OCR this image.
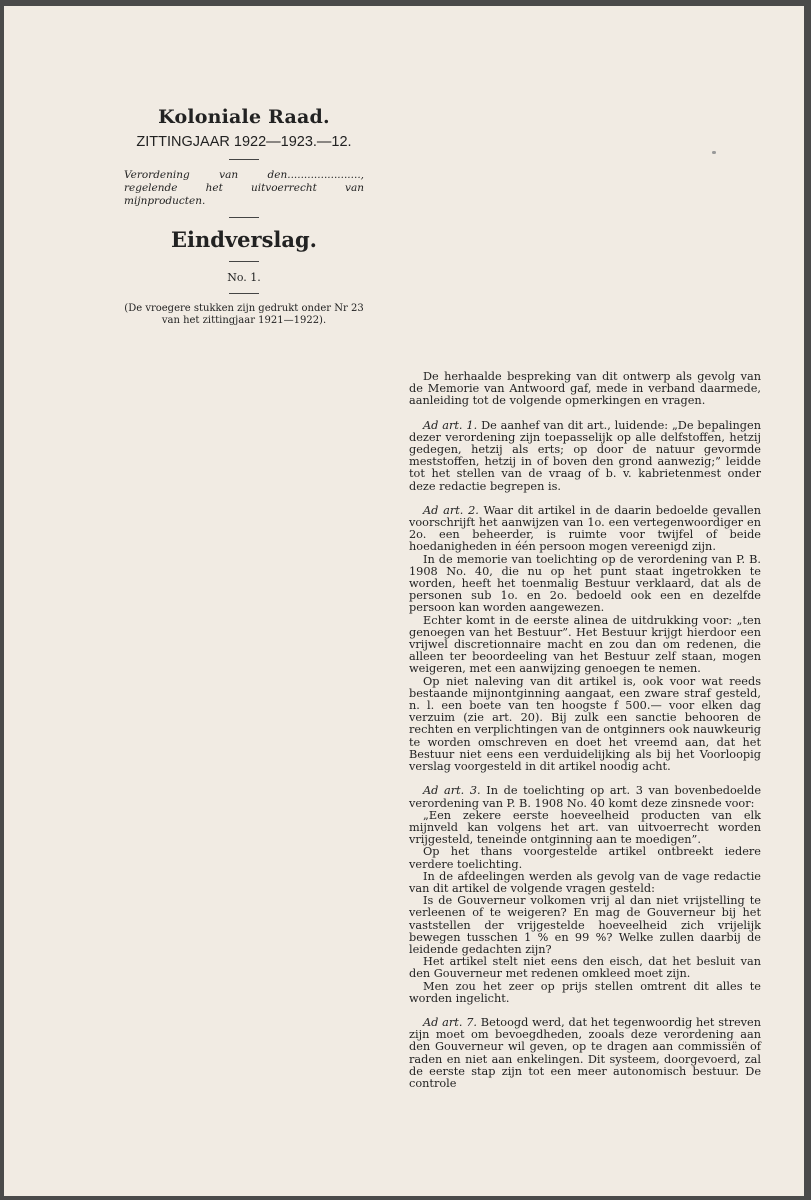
Koloniale Raad.

ZITTINGJAAR 1922—1923.—12.

Verordening van den......................, regelende het uitvoerrecht van mijnproducten.

Eindverslag.
No. 1.
(De vroegere stukken zijn gedrukt onder Nr 23 van het zittingjaar 1921—1922).

De herhaalde bespreking van dit ontwerp als gevolg van de Memorie van Antwoord gaf, mede in verband daarmede, aanleiding tot de volgende opmerkingen en vragen.

Ad art. 1. De aanhef van dit art., luidende: „De bepalingen dezer verordening zijn toepasselijk op alle delfstoffen, hetzij gedegen, hetzij als erts; op door de natuur gevormde meststoffen, hetzij in of boven den grond aanwezig;” leidde tot het stellen van de vraag of b. v. kabrietenmest onder deze redactie begrepen is.

Ad art. 2. Waar dit artikel in de daarin bedoelde gevallen voorschrijft het aanwijzen van 1o. een vertegenwoordiger en 2o. een beheerder, is ruimte voor twijfel of beide hoedanigheden in één persoon mogen vereenigd zijn.

In de memorie van toelichting op de verordening van P. B. 1908 No. 40, die nu op het punt staat ingetrokken te worden, heeft het toenmalig Bestuur verklaard, dat als de personen sub 1o. en 2o. bedoeld ook een en dezelfde persoon kan worden aangewezen.

Echter komt in de eerste alinea de uitdrukking voor: „ten genoegen van het Bestuur”. Het Bestuur krijgt hierdoor een vrijwel discretionnaire macht en zou dan om redenen, die alleen ter beoordeeling van het Bestuur zelf staan, mogen weigeren, met een aanwijzing genoegen te nemen.

Op niet naleving van dit artikel is, ook voor wat reeds bestaande mijnontginning aangaat, een zware straf gesteld, n. l. een boete van ten hoogste f 500.— voor elken dag verzuim (zie art. 20). Bij zulk een sanctie behooren de rechten en verplichtingen van de ontginners ook nauwkeurig te worden omschreven en doet het vreemd aan, dat het Bestuur niet eens een verduidelijking als bij het Voorloopig verslag voorgesteld in dit artikel noodig acht.

Ad art. 3. In de toelichting op art. 3 van bovenbedoelde verordening van P. B. 1908 No. 40 komt deze zinsnede voor:

„Een zekere eerste hoeveelheid producten van elk mijnveld kan volgens het art. van uitvoerrecht worden vrijgesteld, teneinde ontginning aan te moedigen”.

Op het thans voorgestelde artikel ontbreekt iedere verdere toelichting.

In de afdeelingen werden als gevolg van de vage redactie van dit artikel de volgende vragen gesteld:

Is de Gouverneur volkomen vrij al dan niet vrijstelling te verleenen of te weigeren? En mag de Gouverneur bij het vaststellen der vrijgestelde hoeveelheid zich vrijelijk bewegen tusschen 1 % en 99 %? Welke zullen daarbij de leidende gedachten zijn?

Het artikel stelt niet eens den eisch, dat het besluit van den Gouverneur met redenen omkleed moet zijn.

Men zou het zeer op prijs stellen omtrent dit alles te worden ingelicht.

Ad art. 7. Betoogd werd, dat het tegenwoordig het streven zijn moet om bevoegdheden, zooals deze verordening aan den Gouverneur wil geven, op te dragen aan commissiën of raden en niet aan enkelingen. Dit systeem, doorgevoerd, zal de eerste stap zijn tot een meer autonomisch bestuur. De controle
